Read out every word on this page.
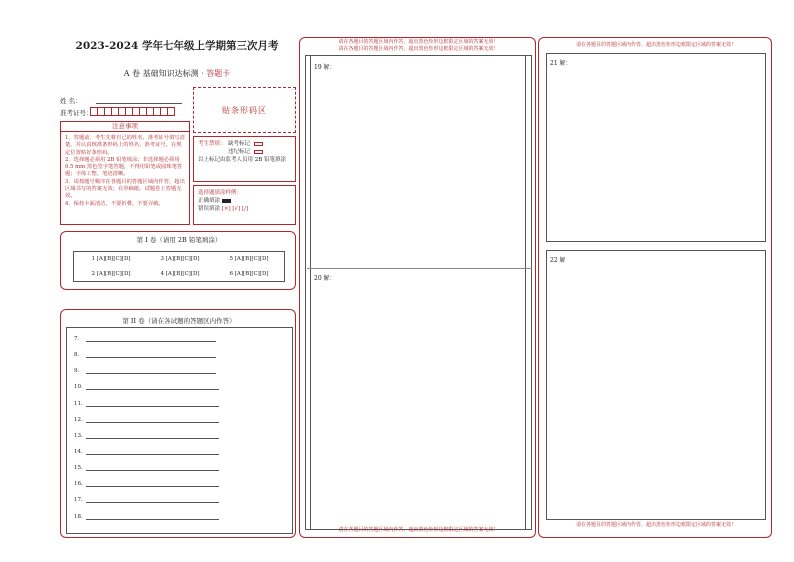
2023-2024 学年七年级上学期第三次月考
A 卷 基础知识达标测 · 答题卡
姓 名：
准考证号：	贴条形码区
注意事项

1．答题前，考生先将自己的姓名，准考证号填写清楚，并认真核准条形码上的姓名、准考证号，在规定位置贴好条形码。

2．选择题必须用 2B 铅笔填涂；非选择题必须用 0.5 mm 黑色签字笔答题，不得用铅笔或圆珠笔答题；字体工整、笔迹清晰。

3．请按题号顺序在各题目的答题区域内作答，超出区域书写的答案无效；在草稿纸、试题卷上答题无效。

4．保持卡面清洁，不要折叠、不要弄破。

考生禁填： 缺考标记
违纪标记
以上标记由监考人员用 2B 铅笔填涂
选择题填涂样例：
正确填涂
错误填涂 [×] [√] [/]
第 I 卷（请用 2B 铅笔填涂）
1 [A][B][C][D]	3 [A][B][C][D]	5 [A][B][C][D]
2 [A][B][C][D]	4 [A][B][C][D]	6 [A][B][C][D]
第 II 卷（请在各试题的答题区内作答）
7.
8.
9.
10.
11.
12.
13.
14.
15.
16.
17.
18.
请在各题目的答题区域内作答，超出黑色矩形边框限定区域的答案无效！
请在各题目的答题区域内作答，超出黑色矩形边框限定区域的答案无效！
19 解：
20 解：
请在各题目的答题区域内作答，超出黑色矩形边框限定区域的答案无效！
请在各题目的答题区域内作答，超出黑色矩形边框限定区域的答案无效！
21 解：
22 解
请在各题目的答题区域内作答，超出黑色矩形边框限定区域的答案无效！
